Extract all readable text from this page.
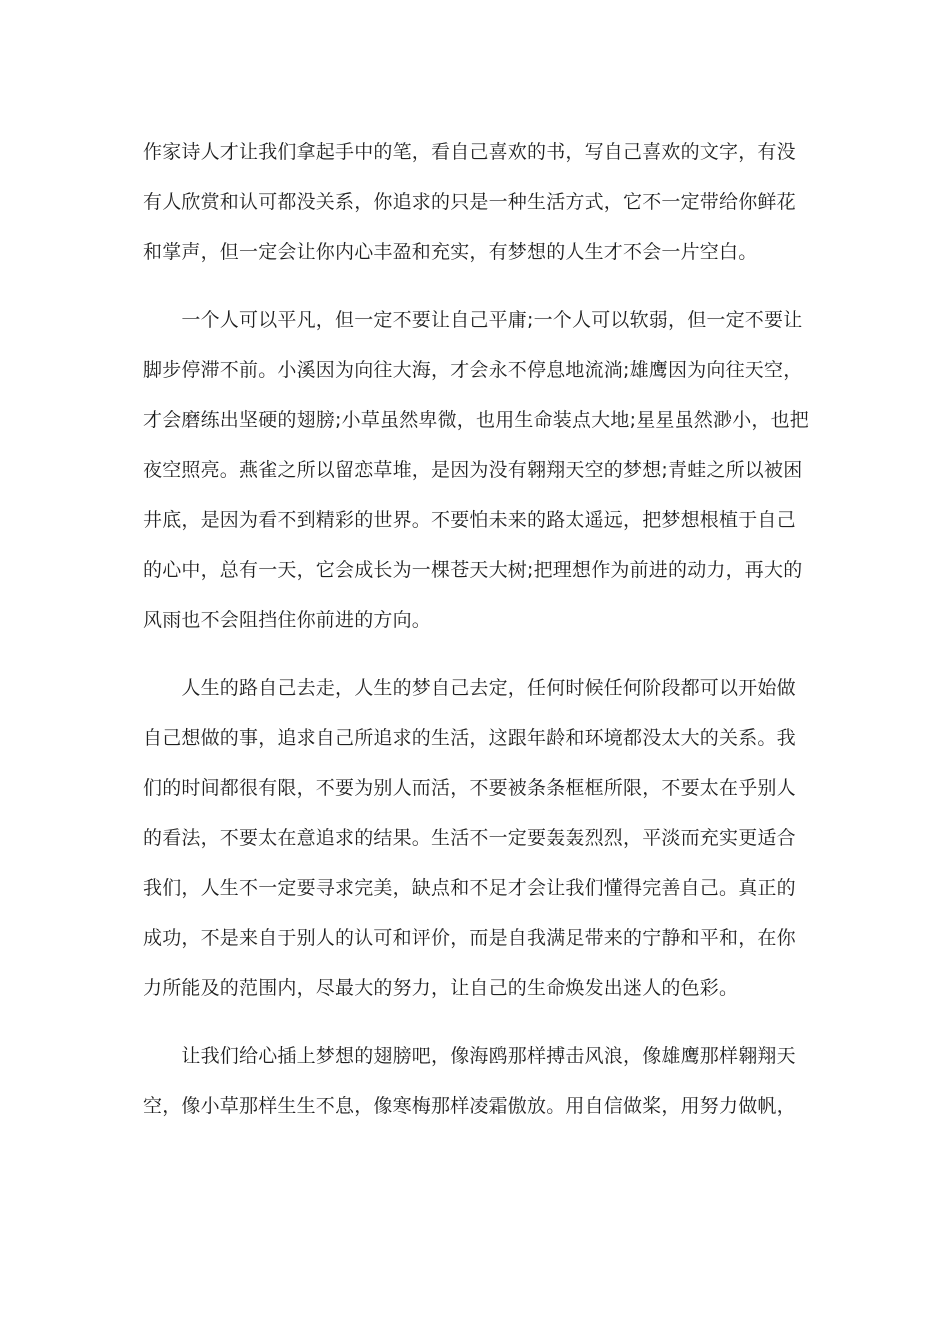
作家诗人才让我们拿起手中的笔，看自己喜欢的书，写自己喜欢的文字，有没
有人欣赏和认可都没关系，你追求的只是一种生活方式，它不一定带给你鲜花
和掌声，但一定会让你内心丰盈和充实，有梦想的人生才不会一片空白。
　　一个人可以平凡，但一定不要让自己平庸;一个人可以软弱，但一定不要让
脚步停滞不前。小溪因为向往大海，才会永不停息地流淌;雄鹰因为向往天空，
才会磨练出坚硬的翅膀;小草虽然卑微，也用生命装点大地;星星虽然渺小，也把
夜空照亮。燕雀之所以留恋草堆，是因为没有翱翔天空的梦想;青蛙之所以被困
井底，是因为看不到精彩的世界。不要怕未来的路太遥远，把梦想根植于自己
的心中，总有一天，它会成长为一棵苍天大树;把理想作为前进的动力，再大的
风雨也不会阻挡住你前进的方向。
　　人生的路自己去走，人生的梦自己去定，任何时候任何阶段都可以开始做
自己想做的事，追求自己所追求的生活，这跟年龄和环境都没太大的关系。我
们的时间都很有限，不要为别人而活，不要被条条框框所限，不要太在乎别人
的看法，不要太在意追求的结果。生活不一定要轰轰烈烈，平淡而充实更适合
我们，人生不一定要寻求完美，缺点和不足才会让我们懂得完善自己。真正的
成功，不是来自于别人的认可和评价，而是自我满足带来的宁静和平和，在你
力所能及的范围内，尽最大的努力，让自己的生命焕发出迷人的色彩。
　　让我们给心插上梦想的翅膀吧，像海鸥那样搏击风浪，像雄鹰那样翱翔天
空，像小草那样生生不息，像寒梅那样凌霜傲放。用自信做桨，用努力做帆，
